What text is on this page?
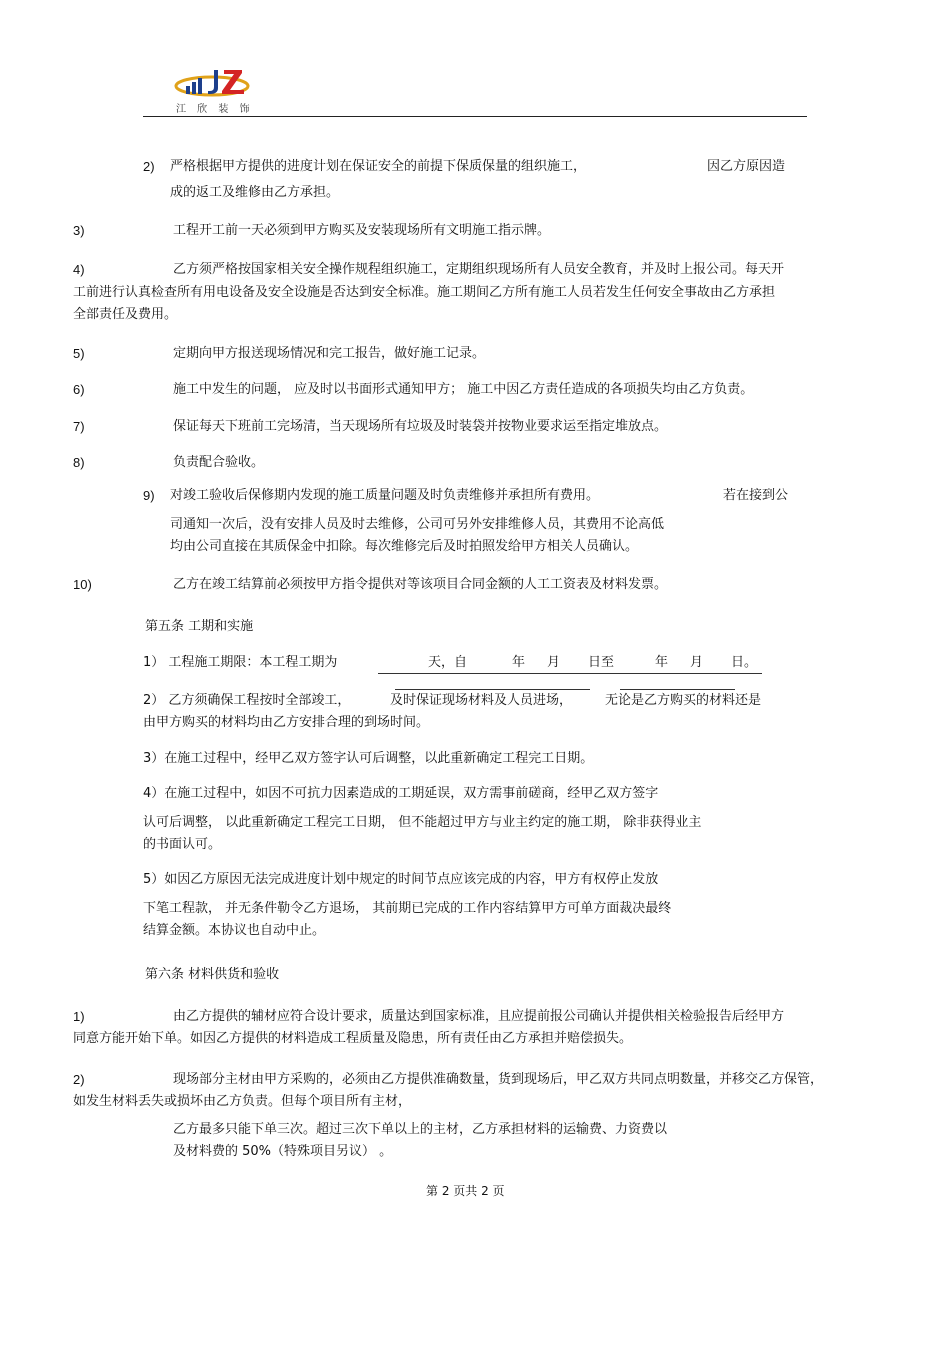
江 欣 装 饰
2) 严格根据甲方提供的进度计划在保证安全的前提下保质保量的组织施工，	因乙方原因造
成的返工及维修由乙方承担。
3)	工程开工前一天必须到甲方购买及安装现场所有文明施工指示牌。
4)	乙方须严格按国家相关安全操作规程组织施工，定期组织现场所有人员安全教育，并及时上报公司。每天开
工前进行认真检查所有用电设备及安全设施是否达到安全标准。施工期间乙方所有施工人员若发生任何安全事故由乙方承担
全部责任及费用。
5)	定期向甲方报送现场情况和完工报告，做好施工记录。
6)	施工中发生的问题， 应及时以书面形式通知甲方； 施工中因乙方责任造成的各项损失均由乙方负责。
7)	保证每天下班前工完场清，当天现场所有垃圾及时装袋并按物业要求运至指定堆放点。
8)	负责配合验收。
9) 对竣工验收后保修期内发现的施工质量问题及时负责维修并承担所有费用。	若在接到公
司通知一次后，没有安排人员及时去维修，公司可另外安排维修人员，其费用不论高低
均由公司直接在其质保金中扣除。每次维修完后及时拍照发给甲方相关人员确认。
10)	乙方在竣工结算前必须按甲方指令提供对等该项目合同金额的人工工资表及材料发票。
第五条 工期和实施
1） 工程施工期限：本工程工期为	天，自	年 月 日至	年 月 日。
2） 乙方须确保工程按时全部竣工，	及时保证现场材料及人员进场，	无论是乙方购买的材料还是
由甲方购买的材料均由乙方安排合理的到场时间。
3）在施工过程中，经甲乙双方签字认可后调整，以此重新确定工程完工日期。
4）在施工过程中，如因不可抗力因素造成的工期延误，双方需事前磋商，经甲乙双方签字
认可后调整， 以此重新确定工程完工日期， 但不能超过甲方与业主约定的施工期， 除非获得业主
的书面认可。
5）如因乙方原因无法完成进度计划中规定的时间节点应该完成的内容，甲方有权停止发放
下笔工程款， 并无条件勒令乙方退场， 其前期已完成的工作内容结算甲方可单方面裁决最终
结算金额。本协议也自动中止。
第六条 材料供货和验收
1)	由乙方提供的辅材应符合设计要求，质量达到国家标准，且应提前报公司确认并提供相关检验报告后经甲方
同意方能开始下单。如因乙方提供的材料造成工程质量及隐患，所有责任由乙方承担并赔偿损失。
2)	现场部分主材由甲方采购的，必须由乙方提供准确数量，货到现场后，甲乙双方共同点明数量，并移交乙方保管，
如发生材料丢失或损坏由乙方负责。但每个项目所有主材，
乙方最多只能下单三次。超过三次下单以上的主材，乙方承担材料的运输费、力资费以
及材料费的 50%（特殊项目另议） 。
第 2 页共 2 页
